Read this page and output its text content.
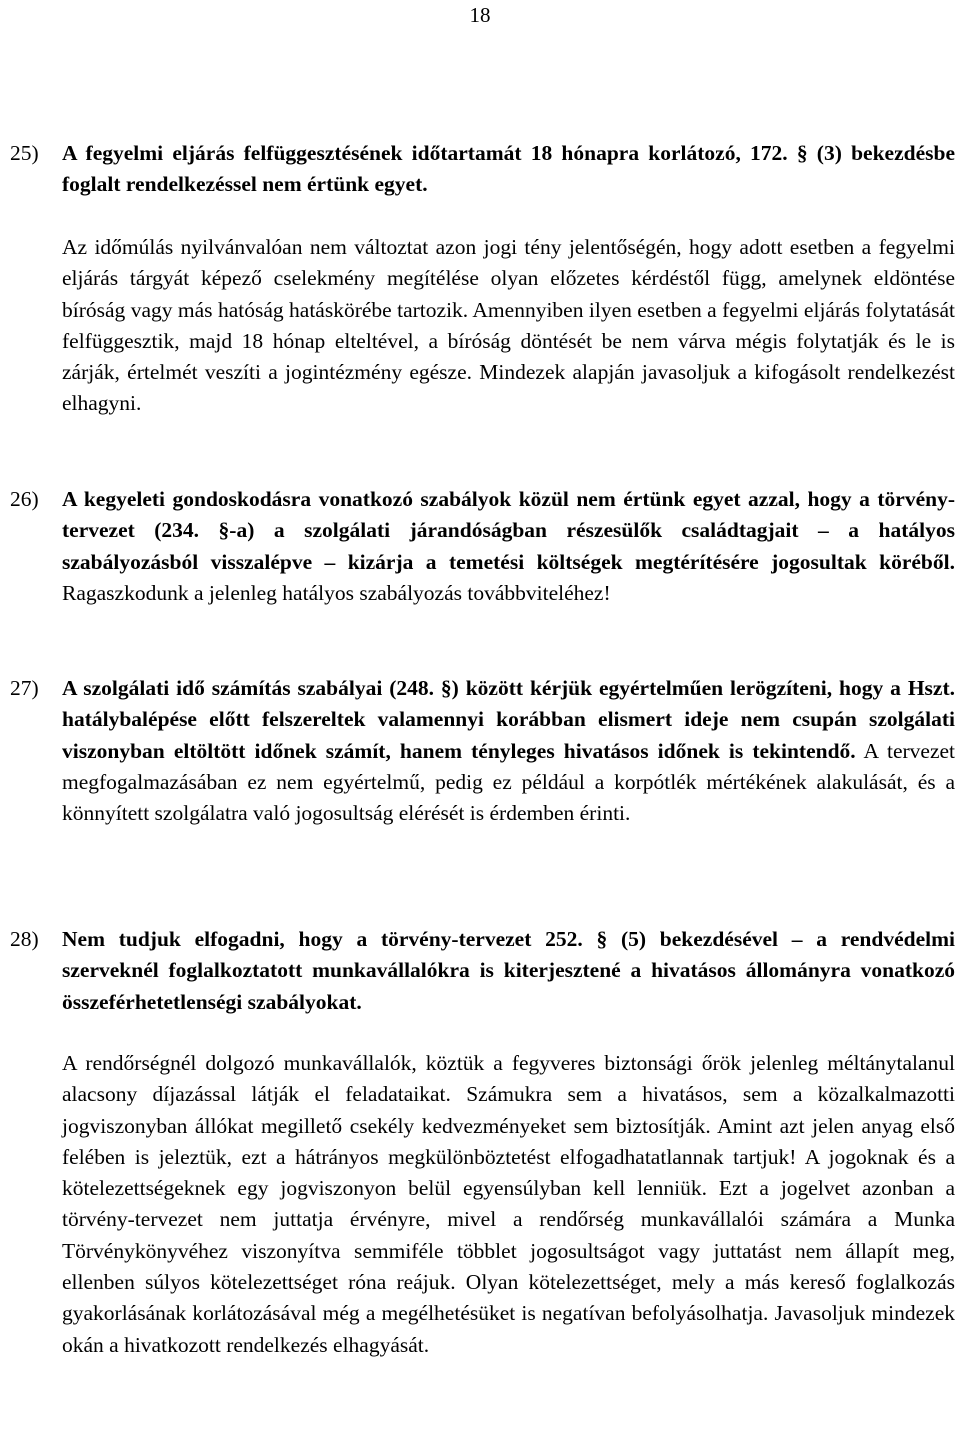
18
25) A fegyelmi eljárás felfüggesztésének időtartamát 18 hónapra korlátozó, 172. § (3) bekezdésbe foglalt rendelkezéssel nem értünk egyet.
Az időmúlás nyilvánvalóan nem változtat azon jogi tény jelentőségén, hogy adott esetben a fegyelmi eljárás tárgyát képező cselekmény megítélése olyan előzetes kérdéstől függ, amelynek eldöntése bíróság vagy más hatóság hatáskörébe tartozik. Amennyiben ilyen esetben a fegyelmi eljárás folytatását felfüggesztik, majd 18 hónap elteltével, a bíróság döntését be nem várva mégis folytatják és le is zárják, értelmét veszíti a jogintézmény egésze. Mindezek alapján javasoljuk a kifogásolt rendelkezést elhagyni.
26) A kegyeleti gondoskodásra vonatkozó szabályok közül nem értünk egyet azzal, hogy a törvény-tervezet (234. §-a) a szolgálati járandóságban részesülők családtagjait – a hatályos szabályozásból visszalépve – kizárja a temetési költségek megtérítésére jogosultak köréből. Ragaszkodunk a jelenleg hatályos szabályozás továbbviteléhez!
27) A szolgálati idő számítás szabályai (248. §) között kérjük egyértelműen lerögzíteni, hogy a Hszt. hatálybalépése előtt felszereltek valamennyi korábban elismert ideje nem csupán szolgálati viszonyban eltöltött időnek számít, hanem tényleges hivatásos időnek is tekintendő. A tervezet megfogalmazásában ez nem egyértelmű, pedig ez például a korpótlék mértékének alakulását, és a könnyített szolgálatra való jogosultság elérését is érdemben érinti.
28) Nem tudjuk elfogadni, hogy a törvény-tervezet 252. § (5) bekezdésével – a rendvédelmi szerveknél foglalkoztatott munkavállalókra is kiterjesztené a hivatásos állományra vonatkozó összeférhetetlenségi szabályokat.
A rendőrségnél dolgozó munkavállalók, köztük a fegyveres biztonsági őrök jelenleg méltánytalanul alacsony díjazással látják el feladataikat. Számukra sem a hivatásos, sem a közalkalmazotti jogviszonyban állókat megillető csekély kedvezményeket sem biztosítják. Amint azt jelen anyag első felében is jeleztük, ezt a hátrányos megkülönböztetést elfogadhatatlannak tartjuk! A jogoknak és a kötelezettségeknek egy jogviszonyon belül egyensúlyban kell lenniük. Ezt a jogelvet azonban a törvény-tervezet nem juttatja érvényre, mivel a rendőrség munkavállalói számára a Munka Törvénykönyvéhez viszonyítva semmiféle többlet jogosultságot vagy juttatást nem állapít meg, ellenben súlyos kötelezettséget róna reájuk. Olyan kötelezettséget, mely a más kereső foglalkozás gyakorlásának korlátozásával még a megélhetésüket is negatívan befolyásolhatja. Javasoljuk mindezek okán a hivatkozott rendelkezés elhagyását.
